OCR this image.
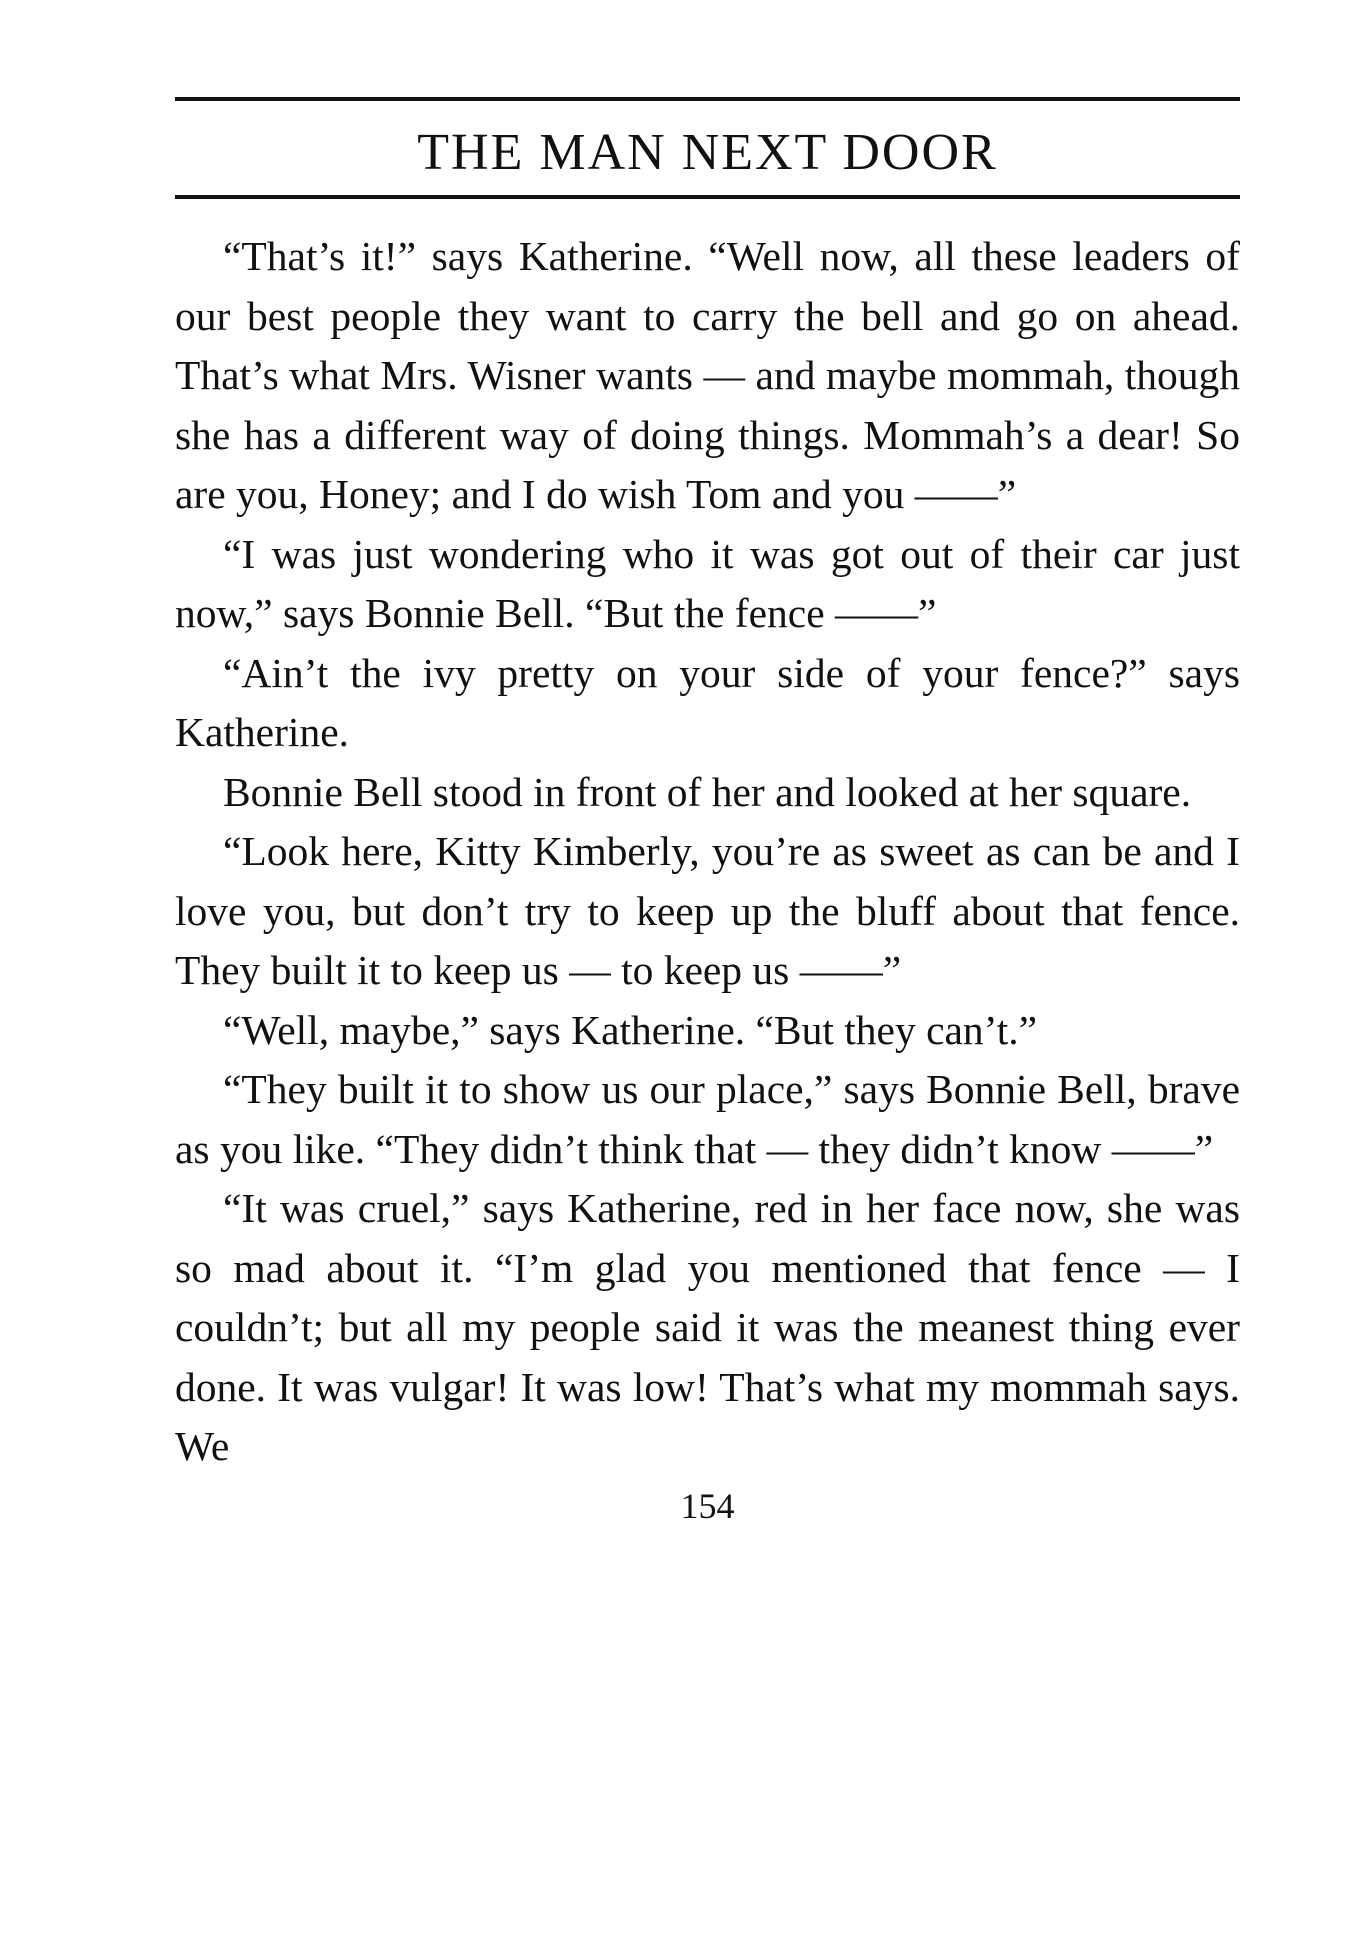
THE MAN NEXT DOOR

“That’s it!” says Katherine. “Well now, all these leaders of our best people they want to carry the bell and go on ahead. That’s what Mrs. Wisner wants — and maybe mommah, though she has a different way of doing things. Mommah’s a dear! So are you, Honey; and I do wish Tom and you ——”

“I was just wondering who it was got out of their car just now,” says Bonnie Bell. “But the fence ——”

“Ain’t the ivy pretty on your side of your fence?” says Katherine.

Bonnie Bell stood in front of her and looked at her square.

“Look here, Kitty Kimberly, you’re as sweet as can be and I love you, but don’t try to keep up the bluff about that fence. They built it to keep us — to keep us ——”

“Well, maybe,” says Katherine. “But they can’t.”

“They built it to show us our place,” says Bonnie Bell, brave as you like. “They didn’t think that — they didn’t know ——”

“It was cruel,” says Katherine, red in her face now, she was so mad about it. “I’m glad you mentioned that fence — I couldn’t; but all my people said it was the meanest thing ever done. It was vulgar! It was low! That’s what my mommah says. We

154
